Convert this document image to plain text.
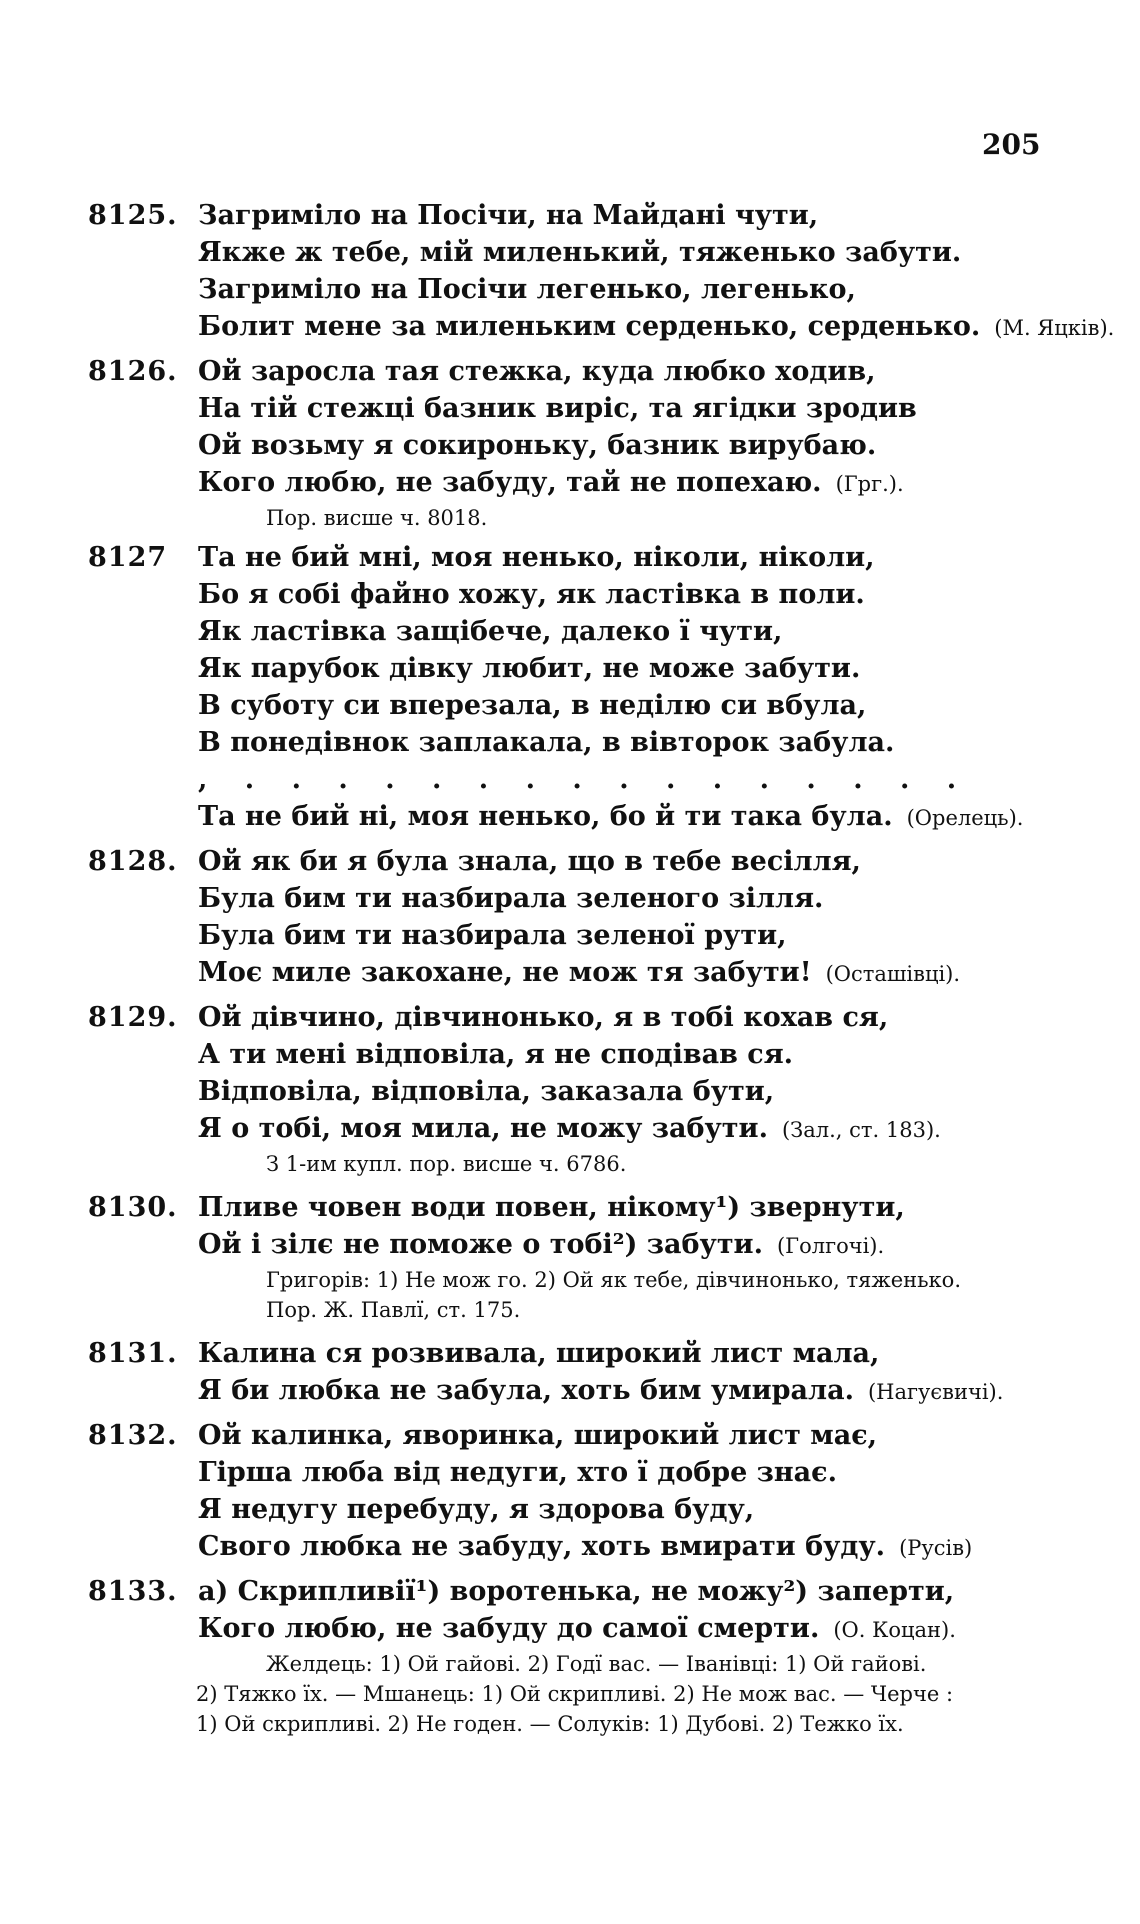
205
8125. Загриміло на Посічи, на Майдані чути,
Якже ж тебе, мій миленький, тяженько забути.
Загриміло на Посічи легенько, легенько,
Болит мене за миленьким серденько, серденько. (М. Яцків).
8126. Ой заросла тая стежка, куда любко ходив,
На тій стежці базник виріс, та ягідки зродив
Ой возьму я сокироньку, базник вирубаю.
Кого любю, не забуду, тай не попехаю. (Грг.).
Пор. висше ч. 8018.
8127 Та не бий мні, моя ненько, ніколи, ніколи,
Бо я собі файно хожу, як ластівка в поли.
Як ластівка защібече, далеко ї чути,
Як парубок дівку любит, не може забути.
В суботу си вперезала, в неділю си вбула,
В понедівнок заплакала, в вівторок забула.
, . . . . . . . . . . . . . . . .
Та не бий ні, моя ненько, бо й ти така була. (Орелець).
8128. Ой як би я була знала, що в тебе весілля,
Була бим ти назбирала зеленого зілля.
Була бим ти назбирала зеленої рути,
Моє миле закохане, не мож тя забути! (Осташівці).
8129. Ой дівчино, дівчинонько, я в тобі кохав ся,
А ти мені відповіла, я не сподівав ся.
Відповіла, відповіла, заказала бути,
Я о тобі, моя мила, не можу забути. (Зал., ст. 183).
З 1-им купл. пор. висше ч. 6786.
8130. Пливе човен води повен, нікому¹) звернути,
Ой і зілє не поможе о тобі²) забути. (Голгочі).
Григорів: 1) Не мож го. 2) Ой як тебе, дівчинонько, тяженько.
Пор. Ж. Павлї, ст. 175.
8131. Калина ся розвивала, широкий лист мала,
Я би любка не забула, хоть бим умирала. (Нагуєвичі).
8132. Ой калинка, яворинка, широкий лист має,
Гірша люба від недуги, хто ї добре знає.
Я недугу перебуду, я здорова буду,
Свого любка не забуду, хоть вмирати буду. (Русів)
8133. а) Скрипливії¹) воротенька, не можу²) заперти,
Кого любю, не забуду до самої смерти. (О. Коцан).
Желдець: 1) Ой гайові. 2) Годї вас. — Іванівці: 1) Ой гайові.
2) Тяжко їх. — Мшанець: 1) Ой скрипливі. 2) Не мож вас. — Черче :
1) Ой скрипливі. 2) Не годен. — Солуків: 1) Дубові. 2) Тежко їх.
